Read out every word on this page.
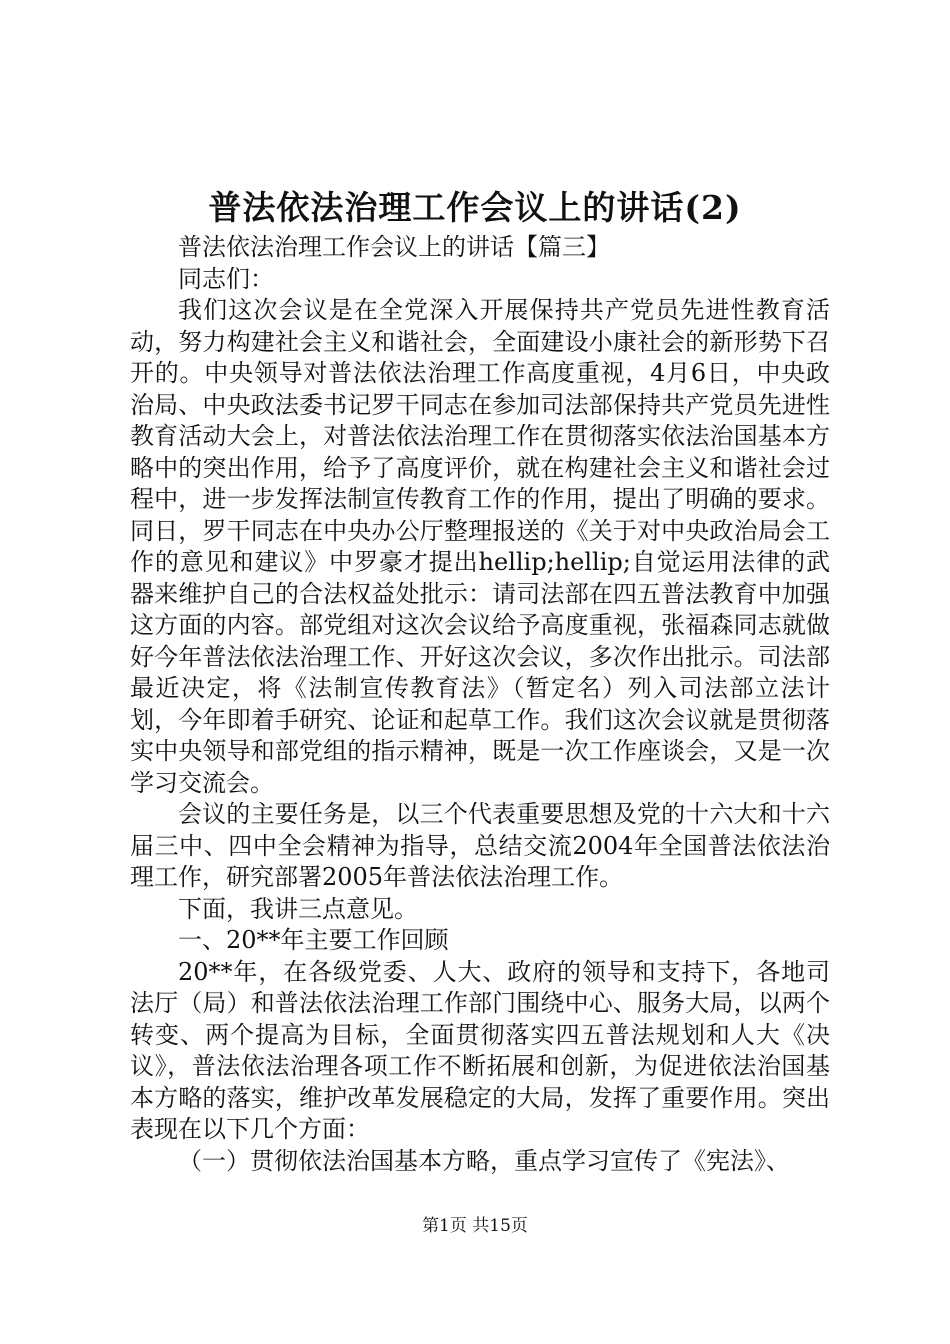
普法依法治理工作会议上的讲话(2)

普法依法治理工作会议上的讲话【篇三】

同志们：

我们这次会议是在全党深入开展保持共产党员先进性教育活动，努力构建社会主义和谐社会，全面建设小康社会的新形势下召开的。中央领导对普法依法治理工作高度重视，4月6日，中央政治局、中央政法委书记罗干同志在参加司法部保持共产党员先进性教育活动大会上，对普法依法治理工作在贯彻落实依法治国基本方略中的突出作用，给予了高度评价，就在构建社会主义和谐社会过程中，进一步发挥法制宣传教育工作的作用，提出了明确的要求。同日，罗干同志在中央办公厅整理报送的《关于对中央政治局会工作的意见和建议》中罗豪才提出hellip;hellip;自觉运用法律的武器来维护自己的合法权益处批示：请司法部在四五普法教育中加强这方面的内容。部党组对这次会议给予高度重视，张福森同志就做好今年普法依法治理工作、开好这次会议，多次作出批示。司法部最近决定，将《法制宣传教育法》（暂定名）列入司法部立法计划，今年即着手研究、论证和起草工作。我们这次会议就是贯彻落实中央领导和部党组的指示精神，既是一次工作座谈会，又是一次学习交流会。

会议的主要任务是，以三个代表重要思想及党的十六大和十六届三中、四中全会精神为指导，总结交流2004年全国普法依法治理工作，研究部署2005年普法依法治理工作。

下面，我讲三点意见。

一、20**年主要工作回顾

20**年，在各级党委、人大、政府的领导和支持下，各地司法厅（局）和普法依法治理工作部门围绕中心、服务大局，以两个转变、两个提高为目标，全面贯彻落实四五普法规划和人大《决议》，普法依法治理各项工作不断拓展和创新，为促进依法治国基本方略的落实，维护改革发展稳定的大局，发挥了重要作用。突出表现在以下几个方面：

（一）贯彻依法治国基本方略，重点学习宣传了《宪法》、

第1页 共15页
